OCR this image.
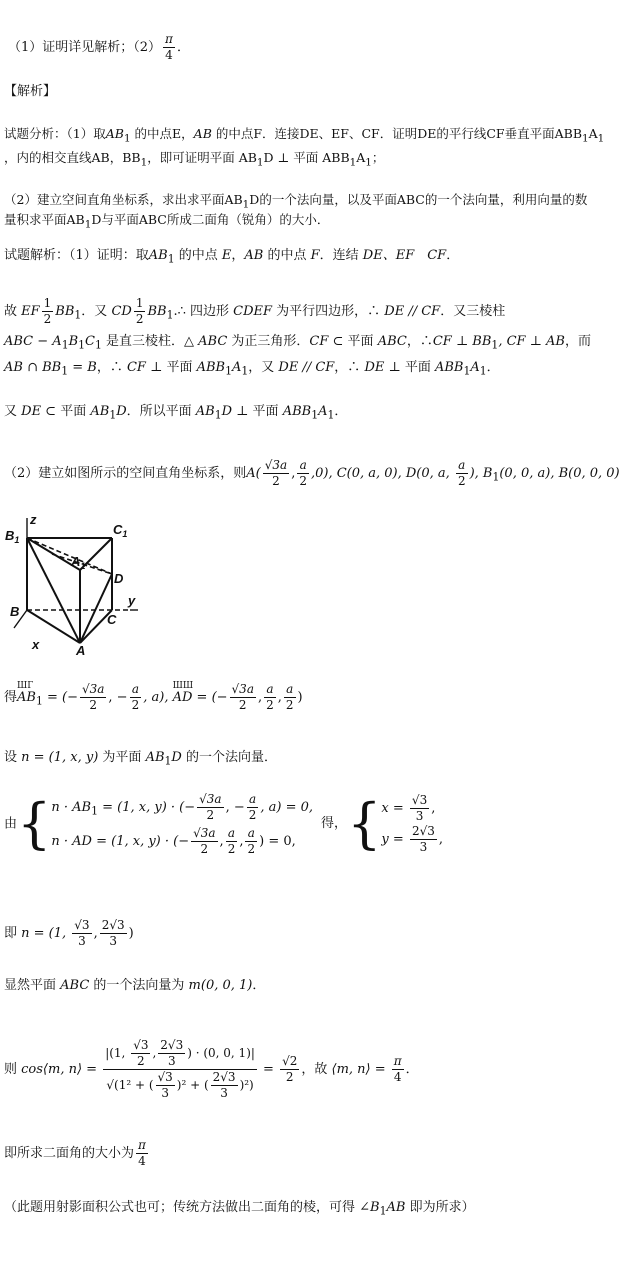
（1）证明详见解析；$(2) \frac{\pi}{4}$ ．
【解析】
试题分析：（1）取$AB_1$ 的中点E，AB 的中点F．连接DE、EF、CF．证明DE的平行线CF垂直平面$ABB_1A_1$
，内的相交直线AB，$BB_1$，即可证明平面 $AB_1D$ ⊥ 平面 $ABB_1A_1$；
（2）建立空间直角坐标系，求出求平面$AB_1D$的一个法向量，以及平面ABC的一个法向量，利用向量的数
量积求平面$AB_1D$与平面ABC所成二面角（锐角）的大小．
试题解析：（1）证明：取$AB_1$ 的中点 E，AB 的中点 F．连结 DE、EF　CF．
故 EF $\frac{1}{2} BB_1$．又 CD $\frac{1}{2}$ $BB_1.\therefore$ 四边形 CDEF 为平行四边形，∴ DE // CF．又三棱柱
ABC − $A_1B_1C_1$ 是直三棱柱．△ ABC 为正三角形．CF ⊂ 平面 ABC，∴CF ⊥ $BB_1$, CF ⊥ AB，而
AB ∩ $BB_1 = B$，∴ CF ⊥ 平面 $ABB_1A_1$，又 DE // CF，∴ DE ⊥ 平面 $ABB_1A_1$．
又 DE ⊂ 平面 $AB_1D$．所以平面 $AB_1D$ ⊥ 平面 $ABB_1A_1$．
（2）建立如图所示的空间直角坐标系，则$A( \frac{√3a}{2}$ , $\frac{a}{2} ,0$), C(0, a, 0), D(0, a, $\frac{a}{2}$ ), $B_1(0$, 0, a), B(0, 0, 0)
$B_1$
z
$C_1$
$A_1$
D
y
B
C
x	A
得
ШГ
$AB_1$ = (− $\frac{√3a}{2}$ , − $\frac{a}{2}$ , a),
ШШ
AD = (− $\frac{√3a}{2}$ , $\frac{a}{2}$ , $\frac{a}{2}$ )
设 n = (1, x, y) 为平面 $AB_1D$ 的一个法向量．
由{ $n \cdot AB_1 = (1$, x, y) · (− $\frac{√3a}{2}$ , − $\frac{a}{2}$ , a) = 0,
n · AD = (1, x, y) · (− $\frac{√3a}{2}$ , $\frac{a}{2}$ , $\frac{a}{2}$ ) = 0,
得，{ $x = \frac{√3}{3}$ ,
$y = \frac{2√3}{3}$ ,
即 n = (1, $\frac{√3}{3}$ , $\frac{2√3}{3}$ )
显然平面 ABC 的一个法向量为 m(0, 0, 1)．
则 cos⟨m, n⟩ = $\frac{|(1, \frac{√3}{2} , \frac{2√3}{3} ) \cdot (0, 0, 1)|}{√(1^2 + ( \frac{√3}{3} )^2 + ( \frac{2√3}{3} )^2)} = \frac{√2}{2}$ ，故 ⟨m, n⟩ = $\frac{\pi}{4}$ ．
即所求二面角的大小为 $\frac{\pi}{4}$
（此题用射影面积公式也可；传统方法做出二面角的棱，可得 $\angle B_1AB$ 即为所求）
